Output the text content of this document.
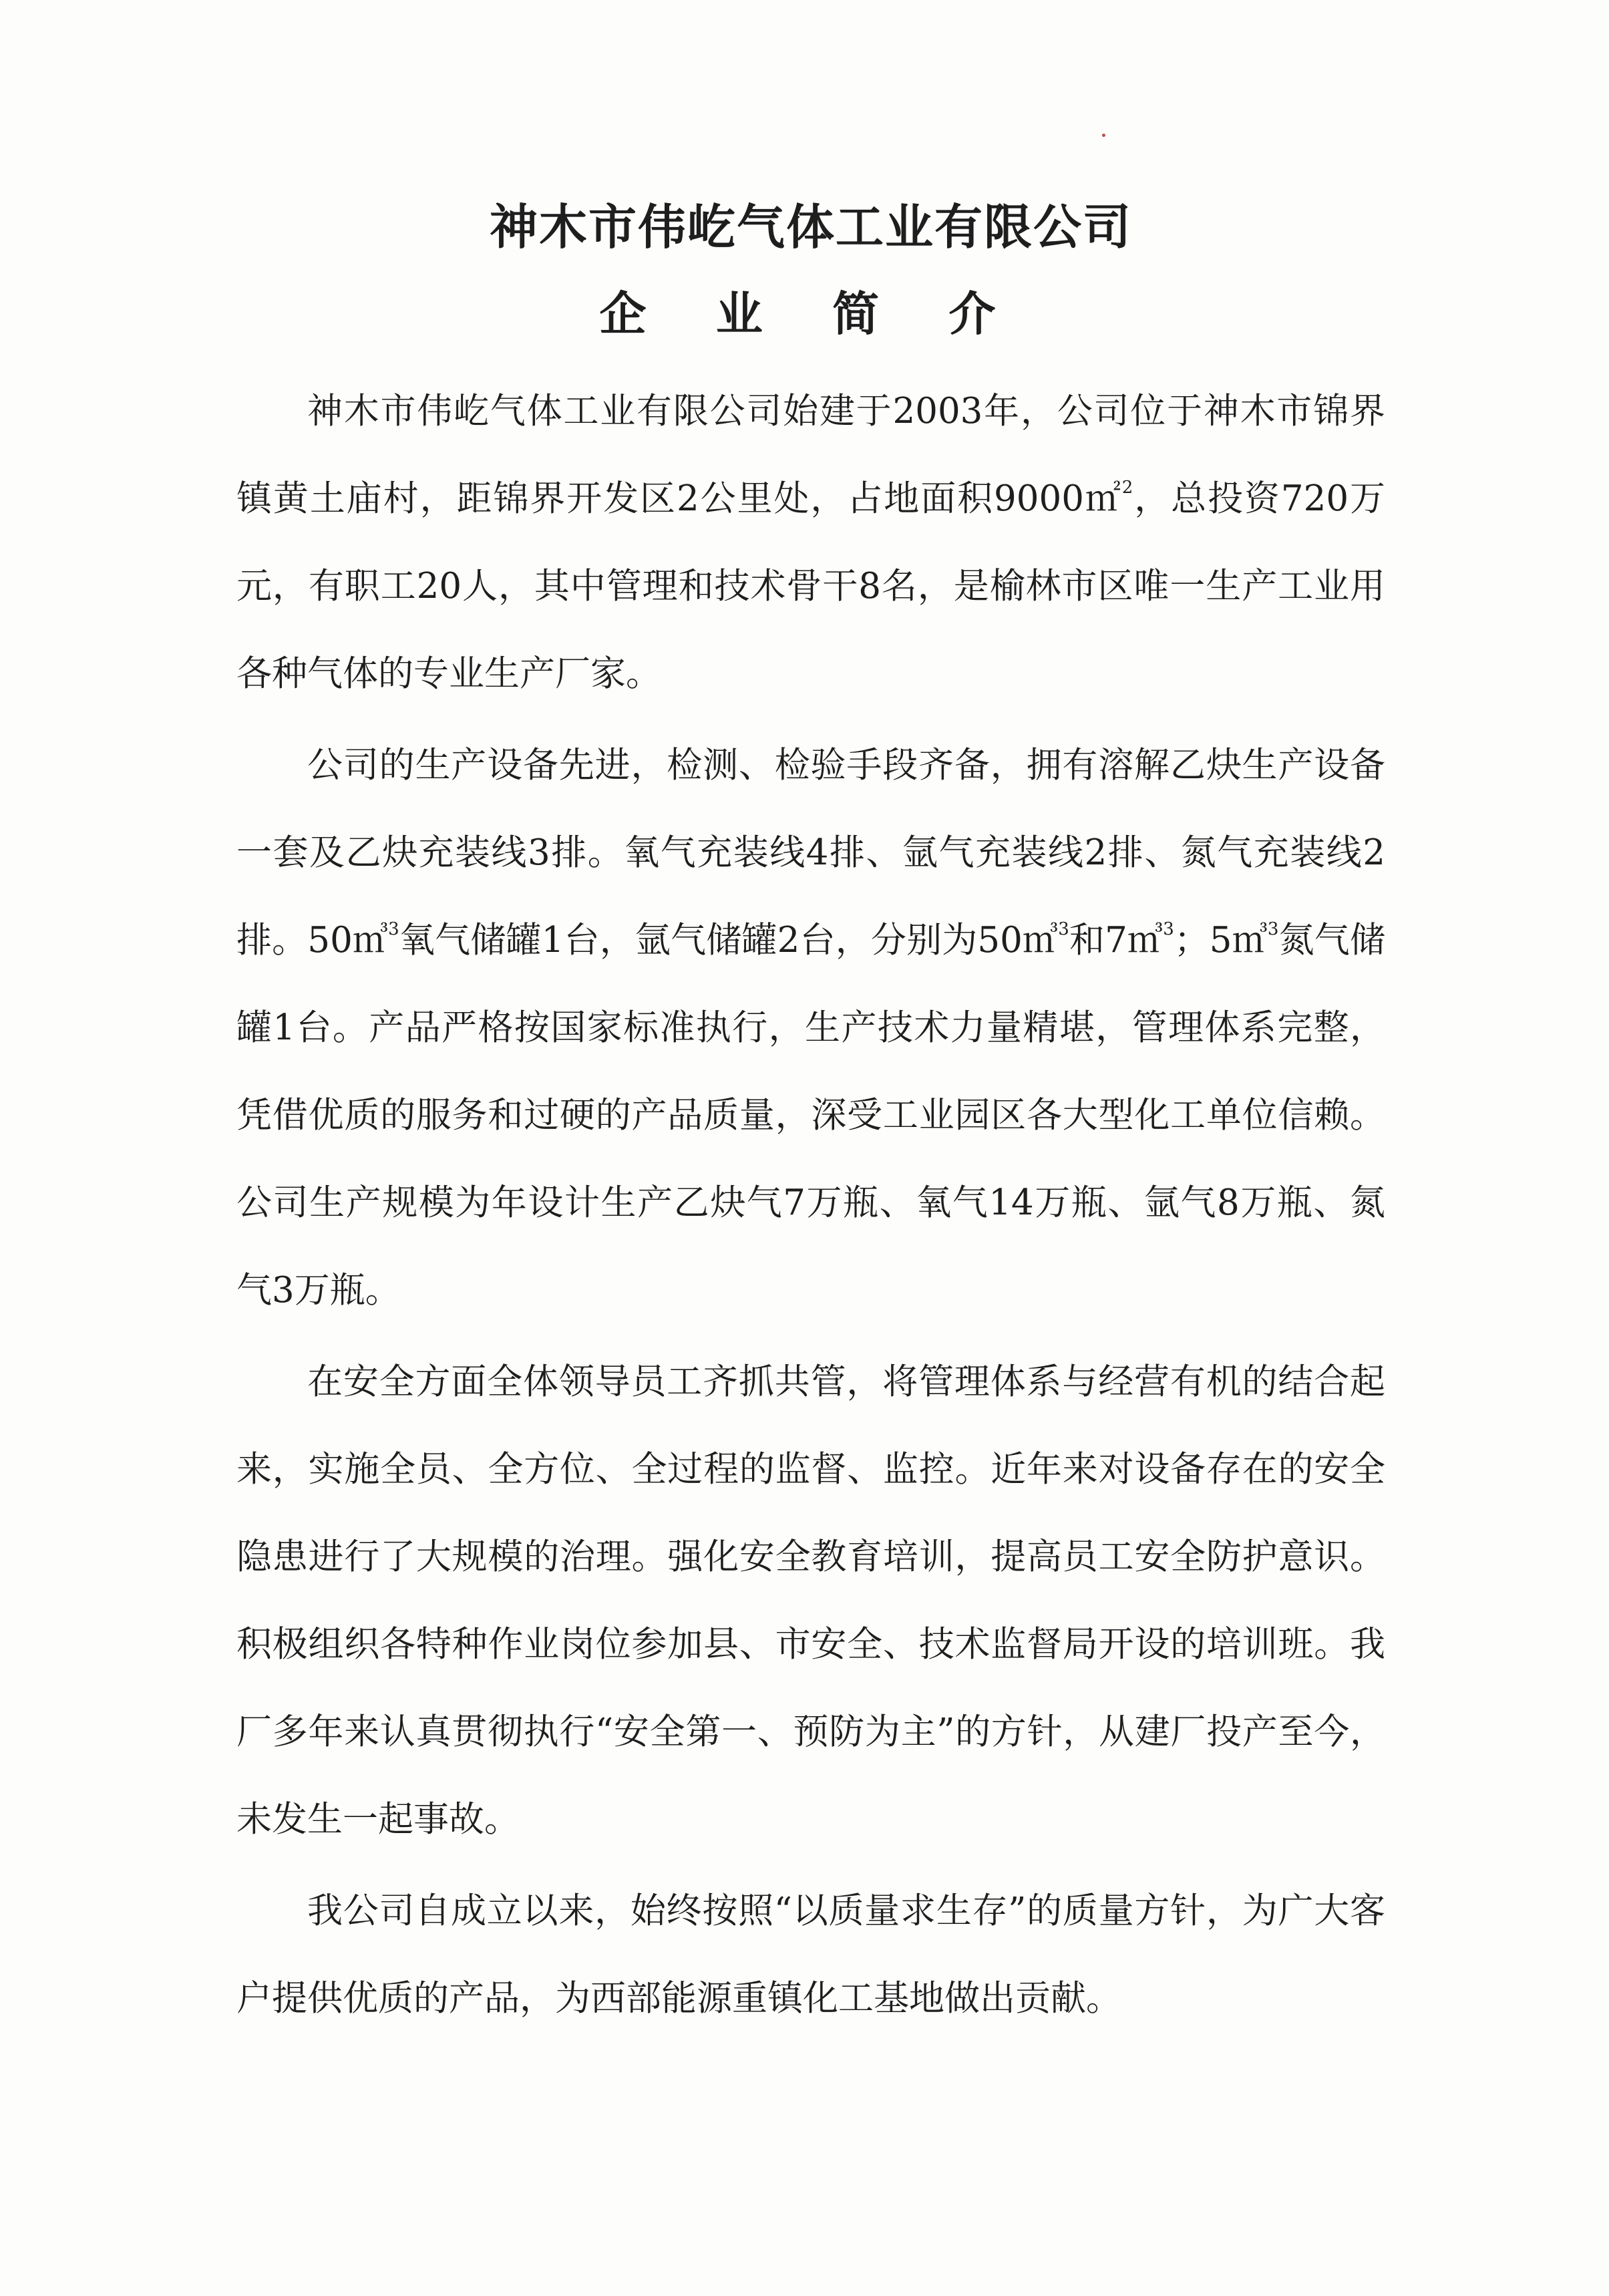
神木市伟屹气体工业有限公司
企 业 简 介

神木市伟屹气体工业有限公司始建于2003年，公司位于神木市锦界镇黄土庙村，距锦界开发区2公里处，占地面积9000㎡$^2$，总投资720万元，有职工20人，其中管理和技术骨干8名，是榆林市区唯一生产工业用各种气体的专业生产厂家。

公司的生产设备先进，检测、检验手段齐备，拥有溶解乙炔生产设备一套及乙炔充装线3排。氧气充装线4排、氩气充装线2排、氮气充装线2排。50㎥$^3$氧气储罐1台，氩气储罐2台，分别为50㎥$^3$和7㎥$^3$；5㎥$^3$氮气储罐1台。产品严格按国家标准执行，生产技术力量精堪，管理体系完整，凭借优质的服务和过硬的产品质量，深受工业园区各大型化工单位信赖。公司生产规模为年设计生产乙炔气7万瓶、氧气14万瓶、氩气8万瓶、氮气3万瓶。

在安全方面全体领导员工齐抓共管，将管理体系与经营有机的结合起来，实施全员、全方位、全过程的监督、监控。近年来对设备存在的安全隐患进行了大规模的治理。强化安全教育培训，提高员工安全防护意识。积极组织各特种作业岗位参加县、市安全、技术监督局开设的培训班。我厂多年来认真贯彻执行“安全第一、预防为主”的方针，从建厂投产至今，未发生一起事故。

我公司自成立以来，始终按照“以质量求生存”的质量方针，为广大客户提供优质的产品，为西部能源重镇化工基地做出贡献。
